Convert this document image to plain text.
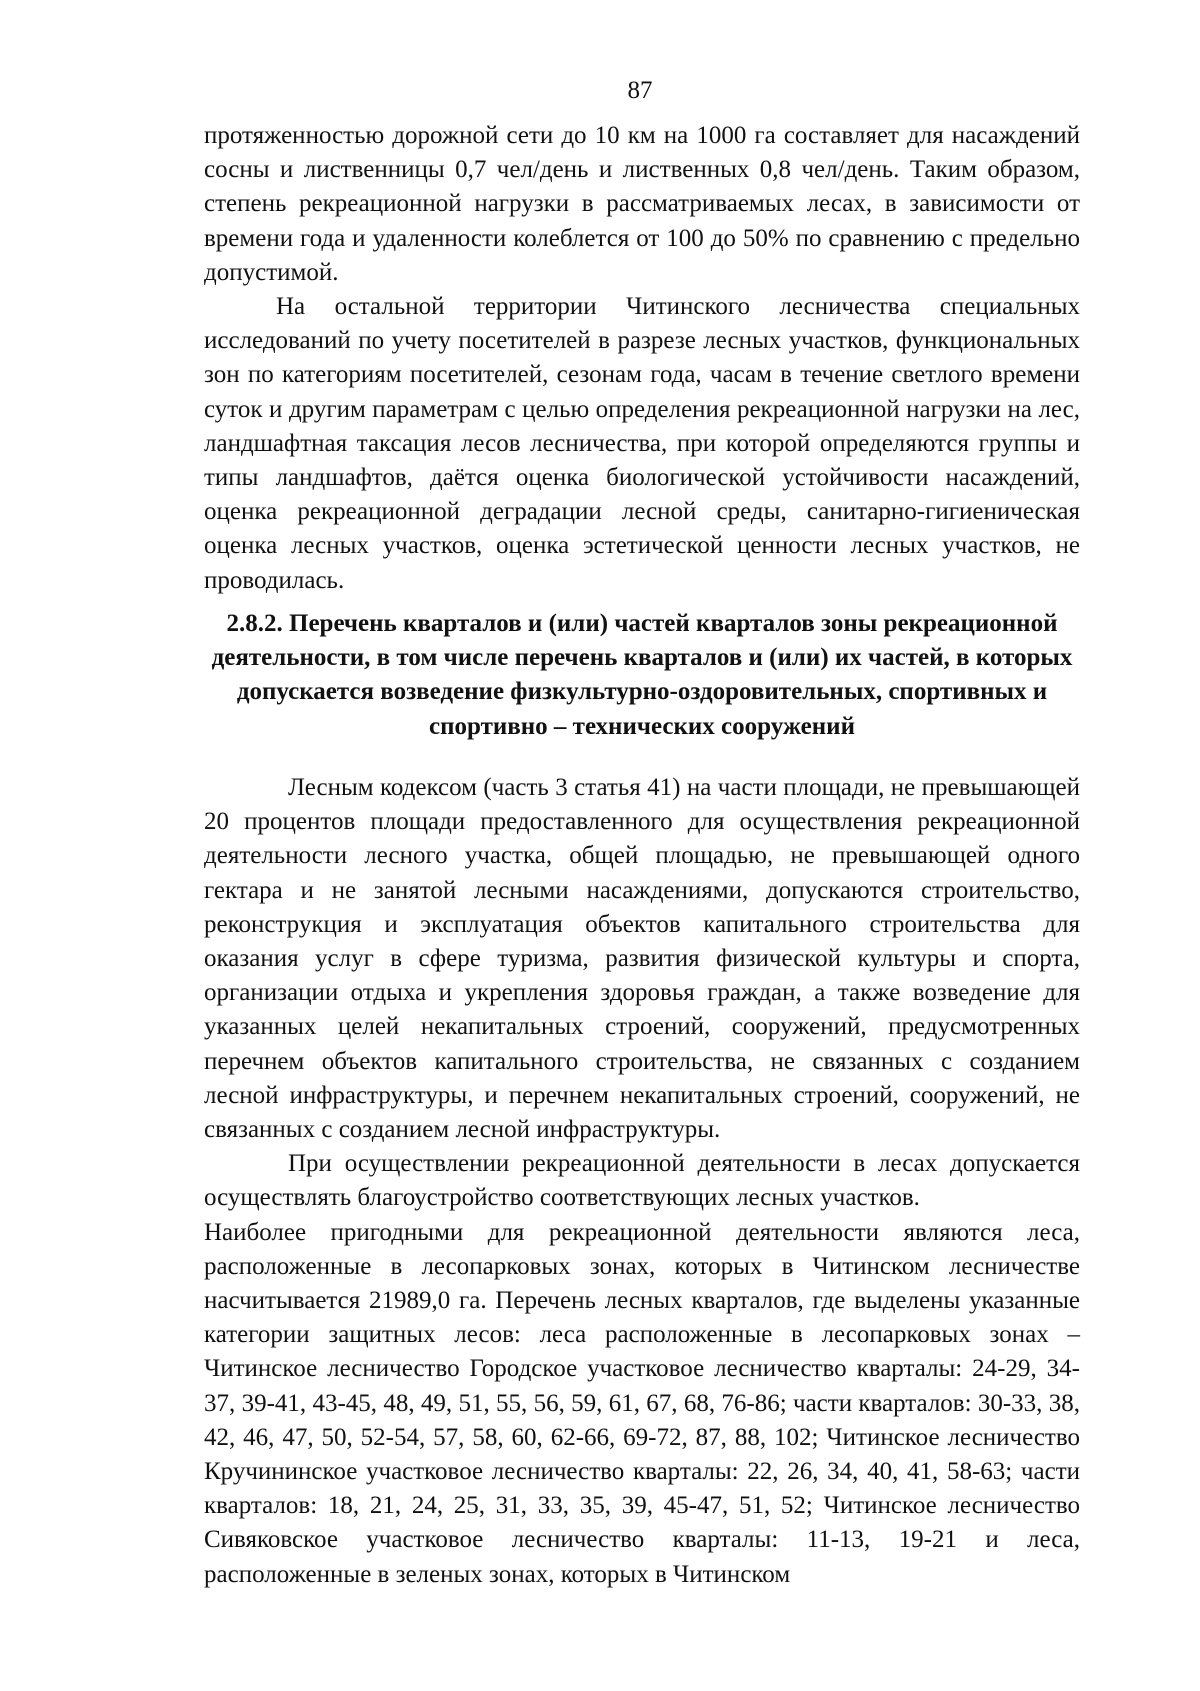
87

протяженностью дорожной сети до 10 км на 1000 га составляет для насаждений сосны и лиственницы 0,7 чел/день и лиственных 0,8 чел/день. Таким образом, степень рекреационной нагрузки в рассматриваемых лесах, в зависимости от времени года и удаленности колеблется от 100 до 50% по сравнению с предельно допустимой.

На остальной территории Читинского лесничества специальных исследований по учету посетителей в разрезе лесных участков, функциональных зон по категориям посетителей, сезонам года, часам в течение светлого времени суток и другим параметрам с целью определения рекреационной нагрузки на лес, ландшафтная таксация лесов лесничества, при которой определяются группы и типы ландшафтов, даётся оценка биологической устойчивости насаждений, оценка рекреационной деградации лесной среды, санитарно-гигиеническая оценка лесных участков, оценка эстетической ценности лесных участков, не проводилась.

2.8.2. Перечень кварталов и (или) частей кварталов зоны рекреационной деятельности, в том числе перечень кварталов и (или) их частей, в которых допускается возведение физкультурно-оздоровительных, спортивных и спортивно – технических сооружений

Лесным кодексом (часть 3 статья 41) на части площади, не превышающей 20 процентов площади предоставленного для осуществления рекреационной деятельности лесного участка, общей площадью, не превышающей одного гектара и не занятой лесными насаждениями, допускаются строительство, реконструкция и эксплуатация объектов капитального строительства для оказания услуг в сфере туризма, развития физической культуры и спорта, организации отдыха и укрепления здоровья граждан, а также возведение для указанных целей некапитальных строений, сооружений, предусмотренных перечнем объектов капитального строительства, не связанных с созданием лесной инфраструктуры, и перечнем некапитальных строений, сооружений, не связанных с созданием лесной инфраструктуры.

При осуществлении рекреационной деятельности в лесах допускается осуществлять благоустройство соответствующих лесных участков.

Наиболее пригодными для рекреационной деятельности являются леса, расположенные в лесопарковых зонах, которых в Читинском лесничестве насчитывается 21989,0 га. Перечень лесных кварталов, где выделены указанные категории защитных лесов: леса расположенные в лесопарковых зонах – Читинское лесничество Городское участковое лесничество кварталы: 24-29, 34-37, 39-41, 43-45, 48, 49, 51, 55, 56, 59, 61, 67, 68, 76-86; части кварталов: 30-33, 38, 42, 46, 47, 50, 52-54, 57, 58, 60, 62-66, 69-72, 87, 88, 102; Читинское лесничество Кручининское участковое лесничество кварталы: 22, 26, 34, 40, 41, 58-63; части кварталов: 18, 21, 24, 25, 31, 33, 35, 39, 45-47, 51, 52; Читинское лесничество Сивяковское участковое лесничество кварталы: 11-13, 19-21 и леса, расположенные в зеленых зонах, которых в Читинском
